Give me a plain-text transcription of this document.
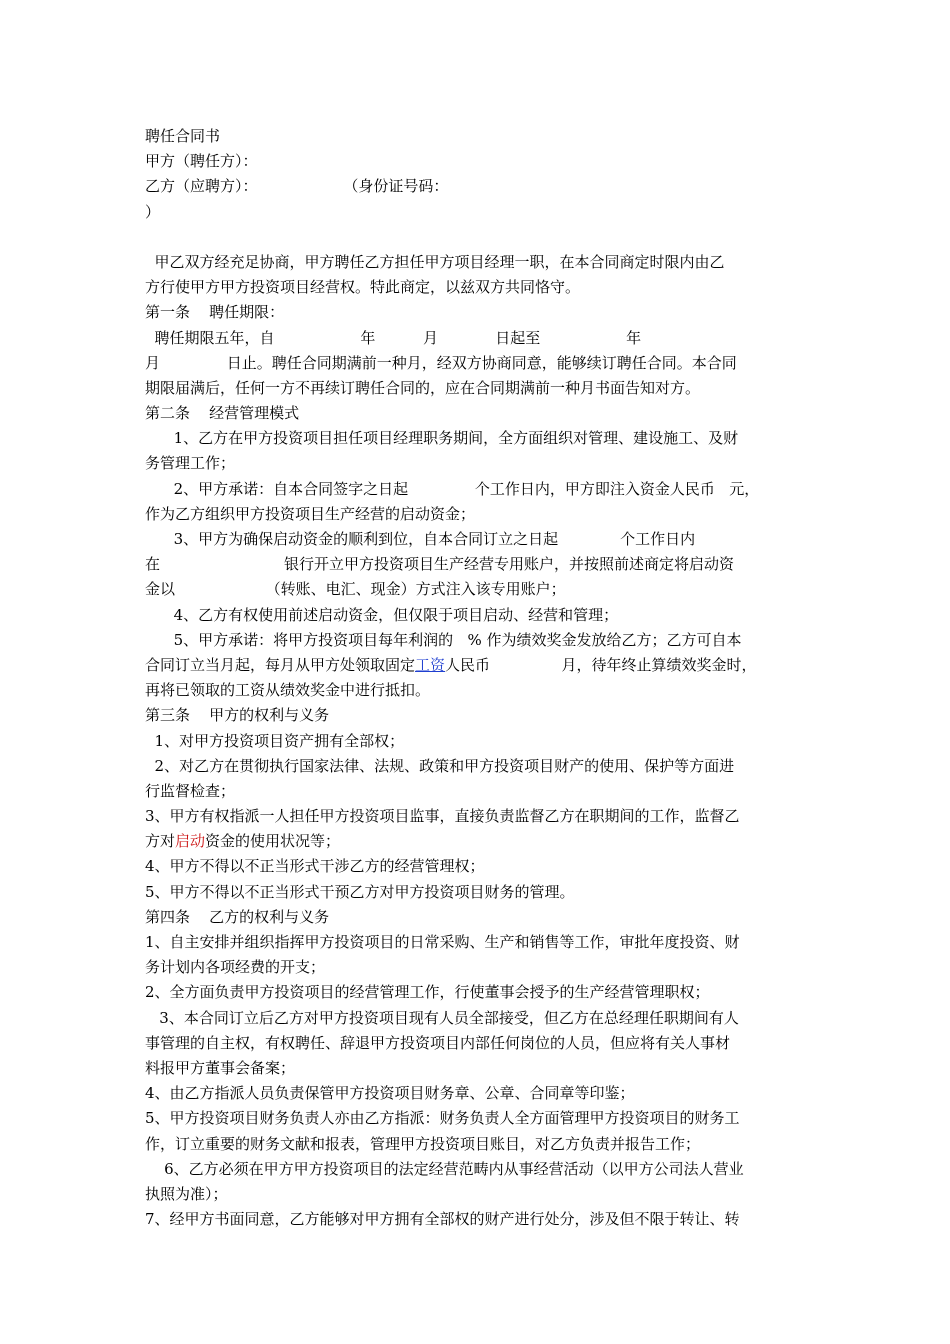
聘任合同书
甲方（聘任方）：
乙方（应聘方）：                  （身份证号码：
）
甲乙双方经充足协商，甲方聘任乙方担任甲方项目经理一职，在本合同商定时限内由乙
方行使甲方甲方投资项目经营权。特此商定，以兹双方共同恪守。
第一条    聘任期限：
聘任期限五年，自                  年          月            日起至                  年
月              日止。聘任合同期满前一种月，经双方协商同意，能够续订聘任合同。本合同
期限届满后，任何一方不再续订聘任合同的，应在合同期满前一种月书面告知对方。
第二条    经营管理模式
1、乙方在甲方投资项目担任项目经理职务期间，全方面组织对管理、建设施工、及财
务管理工作；
2、甲方承诺：自本合同签字之日起              个工作日内，甲方即注入资金人民币   元，
作为乙方组织甲方投资项目生产经营的启动资金；
3、甲方为确保启动资金的顺利到位，自本合同订立之日起             个工作日内
在                          银行开立甲方投资项目生产经营专用账户，并按照前述商定将启动资
金以                   （转账、电汇、现金）方式注入该专用账户；
4、乙方有权使用前述启动资金，但仅限于项目启动、经营和管理；
5、甲方承诺：将甲方投资项目每年利润的   % 作为绩效奖金发放给乙方；乙方可自本
合同订立当月起，每月从甲方处领取固定工资人民币               月，待年终止算绩效奖金时，
再将已领取的工资从绩效奖金中进行抵扣。
第三条    甲方的权利与义务
1、对甲方投资项目资产拥有全部权；
2、对乙方在贯彻执行国家法律、法规、政策和甲方投资项目财产的使用、保护等方面进
行监督检查；
3、甲方有权指派一人担任甲方投资项目监事，直接负责监督乙方在职期间的工作，监督乙
方对启动资金的使用状况等；
4、甲方不得以不正当形式干涉乙方的经营管理权；
5、甲方不得以不正当形式干预乙方对甲方投资项目财务的管理。
第四条    乙方的权利与义务
1、自主安排并组织指挥甲方投资项目的日常采购、生产和销售等工作，审批年度投资、财
务计划内各项经费的开支；
2、全方面负责甲方投资项目的经营管理工作，行使董事会授予的生产经营管理职权；
3、本合同订立后乙方对甲方投资项目现有人员全部接受，但乙方在总经理任职期间有人
事管理的自主权，有权聘任、辞退甲方投资项目内部任何岗位的人员，但应将有关人事材
料报甲方董事会备案；
4、由乙方指派人员负责保管甲方投资项目财务章、公章、合同章等印鉴；
5、甲方投资项目财务负责人亦由乙方指派：财务负责人全方面管理甲方投资项目的财务工
作，订立重要的财务文献和报表，管理甲方投资项目账目，对乙方负责并报告工作；
6、乙方必须在甲方甲方投资项目的法定经营范畴内从事经营活动（以甲方公司法人营业
执照为准）；
7、经甲方书面同意，乙方能够对甲方拥有全部权的财产进行处分，涉及但不限于转让、转
